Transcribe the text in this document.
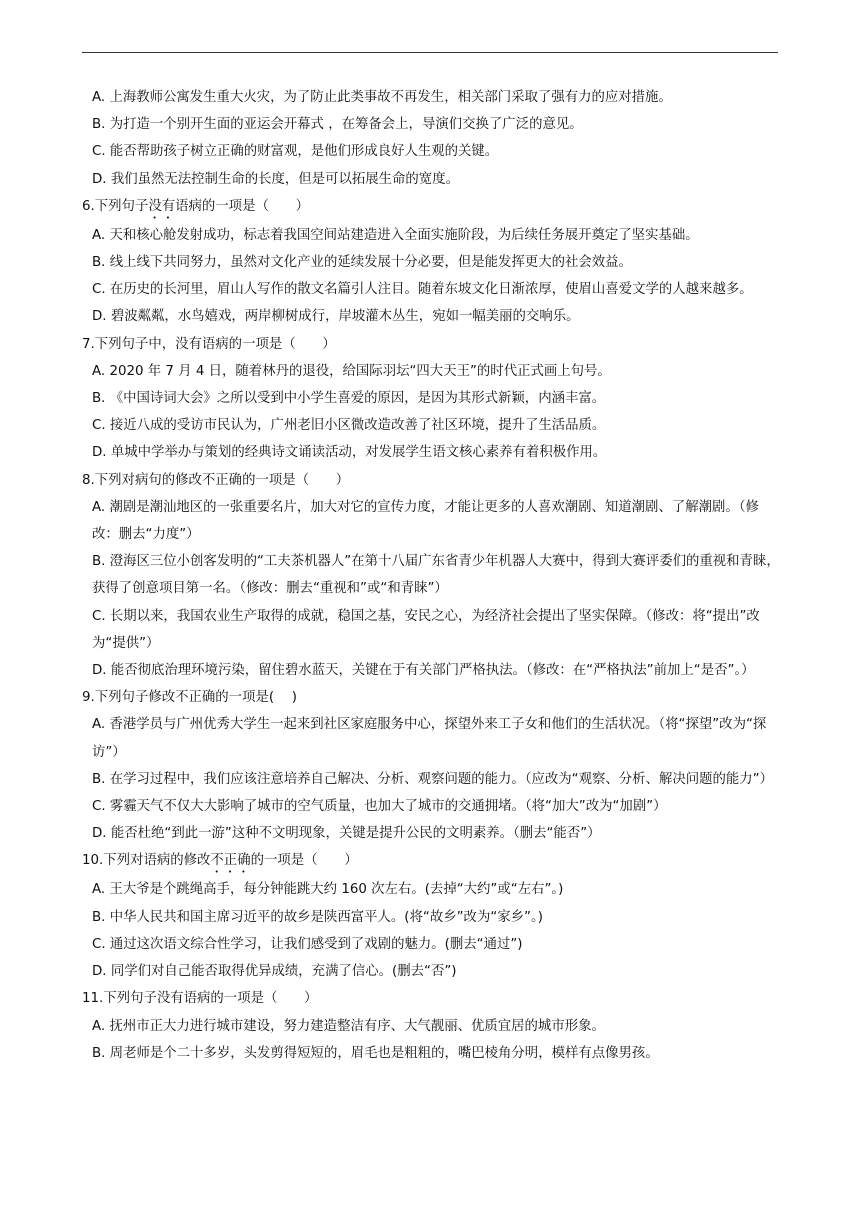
A. 上海教师公寓发生重大火灾，为了防止此类事故不再发生，相关部门采取了强有力的应对措施。

B. 为打造一个别开生面的亚运会开幕式 ，在筹备会上，导演们交换了广泛的意见。

C. 能否帮助孩子树立正确的财富观，是他们形成良好人生观的关键。

D. 我们虽然无法控制生命的长度，但是可以拓展生命的宽度。

6.下列句子没有语病的一项是（　　）

A. 天和核心舱发射成功，标志着我国空间站建造进入全面实施阶段，为后续任务展开奠定了坚实基础。

B. 线上线下共同努力，虽然对文化产业的延续发展十分必要，但是能发挥更大的社会效益。

C. 在历史的长河里，眉山人写作的散文名篇引人注目。随着东坡文化日渐浓厚，使眉山喜爱文学的人越来越多。

D. 碧波粼粼，水鸟嬉戏，两岸柳树成行，岸坡灌木丛生，宛如一幅美丽的交响乐。

7.下列句子中，没有语病的一项是（　　）

A. 2020 年 7 月 4 日，随着林丹的退役，给国际羽坛“四大天王”的时代正式画上句号。

B. 《中国诗词大会》之所以受到中小学生喜爱的原因，是因为其形式新颖，内涵丰富。

C. 接近八成的受访市民认为，广州老旧小区微改造改善了社区环境，提升了生活品质。

D. 单城中学举办与策划的经典诗文诵读活动，对发展学生语文核心素养有着积极作用。

8.下列对病句的修改不正确的一项是（　　）

A. 潮剧是潮汕地区的一张重要名片，加大对它的宣传力度，才能让更多的人喜欢潮剧、知道潮剧、了解潮剧。（修改：删去“力度”）

B. 澄海区三位小创客发明的“工夫茶机器人”在第十八届广东省青少年机器人大赛中，得到大赛评委们的重视和青睐，获得了创意项目第一名。（修改：删去“重视和”或“和青睐”）

C. 长期以来，我国农业生产取得的成就，稳国之基，安民之心，为经济社会提出了坚实保障。（修改：将“提出”改为“提供”）

D. 能否彻底治理环境污染，留住碧水蓝天，关键在于有关部门严格执法。（修改：在“严格执法”前加上“是否”。）

9.下列句子修改不正确的一项是(　 )

A. 香港学员与广州优秀大学生一起来到社区家庭服务中心，探望外来工子女和他们的生活状况。（将“探望”改为“探访”）

B. 在学习过程中，我们应该注意培养自己解决、分析、观察问题的能力。（应改为“观察、分析、解决问题的能力”）

C. 雾霾天气不仅大大影响了城市的空气质量，也加大了城市的交通拥堵。（将“加大”改为“加剧”）

D. 能否杜绝“到此一游”这种不文明现象，关键是提升公民的文明素养。（删去“能否”）

10.下列对语病的修改不正确的一项是（　　）

A. 王大爷是个跳绳高手，每分钟能跳大约 160 次左右。(去掉“大约”或“左右”。)

B. 中华人民共和国主席习近平的故乡是陕西富平人。(将“故乡”改为“家乡”。)

C. 通过这次语文综合性学习，让我们感受到了戏剧的魅力。(删去“通过”)

D. 同学们对自己能否取得优异成绩，充满了信心。(删去“否”)

11.下列句子没有语病的一项是（　　）

A. 抚州市正大力进行城市建设，努力建造整洁有序、大气靓丽、优质宜居的城市形象。

B. 周老师是个二十多岁，头发剪得短短的，眉毛也是粗粗的，嘴巴棱角分明，模样有点像男孩。
